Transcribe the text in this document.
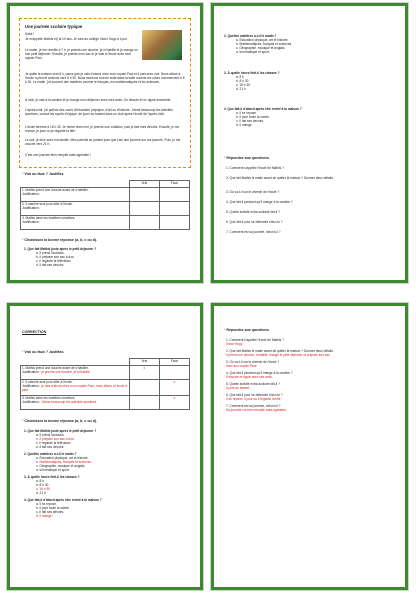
Une journée scolaire typique
Salut !
Je m'appelle Mathis et j'ai 10 ans. Je vais au collège Victor Hugo à Lyon.
Le matin, je me réveille à 7 h, je prends une douche, je m'habille et je mange un bon petit déjeuner. Ensuite, je prends mon sac et je vais à l'école avec mon copain Paul.
Je quitte la maison vers 8 h, parce que je vais d'abord chez mon copain Paul et il part avec moi. Nous allons à l'école à pied et arrivons vers 8 h 30. Nous montons tout de suite dans la salle comme les cours commencent à 8 h 30. Le matin, j'ai souvent des matières comme le français, les mathématiques et les sciences.
À midi, je vais à la cantine et je mange mon déjeuner avec mes amis. On discute et on rigole ensemble.
L'après-midi, j'ai parfois des cours d'éducation physique, d'art ou d'histoire. J'aime beaucoup les activités sportives, surtout les sports d'équipe, de jouer au basket dans un club après l'école de l'après-midi.
L'école termine à 16 h 30. Je rentre chez moi, je prends une collation, puis je fais mes devoirs. Ensuite, je me repose, je joue ou je regarde la télé.
Le soir, je dîne avec ma famille. Mes parents se parlent pour que j'aie une journée sur ma journée. Puis, je me couche vers 21 h.
C'est une journée bien remplie mais agréable !
* Vrai ou faux ? Justifiez.
	Vrai	Faux

1. Mathis prend une douche avant de s'habiller.
Justification :		

2. Il marche seul pour aller à l'école.
Justification :		

3. Mathis aime les matières créatives.
Justification :		

* Choisissez la bonne réponse (a, b, c ou d).
1. Que fait Mathis juste après le petit déjeuner ?
a. Il prend l'autobus.
b. Il prépare son sac à dos.
c. Il regarde la télévision.
d. Il fait ses devoirs.
2. Quelles matières a-t-il le matin ?
a. Éducation physique, art et histoire.
b. Mathématiques, français et sciences.
c. Géographie, musique et anglais.
d. Informatique et sport.
3. À quelle heure finit-il les classes ?
a. 8 h
b. 8 h 30
c. 16 h 30
d. 21 h
4. Que fait-il d'abord après être rentré à la maison ?
a. Il se repose.
b. Il joue toute la soirée.
c. Il fait ses devoirs.
d. Il mange.
* Répondez aux questions.
1. Comment s'appelle l'école de Mathis ?
2. Que fait Mathis le matin avant de quitter la maison ? Donnez deux détails.
3. Où va-t-il sur le chemin de l'école ?
4. Que fait-il pendant qu'il mange à la cantine ?
5. Quelle activité extra-scolaire fait-il ?
6. Que fait-il pour se détendre chez lui ?
7. Comment est sa journée, selon lui ?
CORRECTION
* Vrai ou faux ? Justifiez.
	Vrai	Faux

1. Mathis prend une douche avant de s'habiller.
Justification : je prends une douche, je m'habille	x	

2. Il marche seul pour aller à l'école.
Justification : je vais d'abord chez mon copain Paul, nous allons à l'école à pied		x

3. Mathis aime les matières créatives.
Justification : J'aime beaucoup les activités sportives		x
* Choisissez la bonne réponse (a, b, c ou d).
1. Que fait Mathis juste après le petit déjeuner ?
a. Il prend l'autobus.
b. Il prépare son sac à dos.
c. Il regarde la télévision.
d. Il fait ses devoirs.
2. Quelles matières a-t-il le matin ?
a. Éducation physique, art et histoire.
b. Mathématiques, français et sciences.
c. Géographie, musique et anglais.
d. Informatique et sport.
3. À quelle heure finit-il les classes ?
a. 8 h
b. 8 h 30
c. 16 h 30
d. 21 h
4. Que fait-il d'abord après être rentré à la maison ?
a. Il se repose.
b. Il joue toute la soirée.
c. Il fait ses devoirs.
d. Il mange.
* Répondez aux questions.
1. Comment s'appelle l'école de Mathis ?
Victor Hugo
2. Que fait Mathis le matin avant de quitter la maison ? Donnez deux détails.
Il prend une douche, s'habille, mange le petit déjeuner et prépare son sac.
3. Où va-t-il sur le chemin de l'école ?
chez son copain Paul.
4. Que fait-il pendant qu'il mange à la cantine ?
Il discute et rigole avec ses amis.
5. Quelle activité extra-scolaire fait-il ?
Il joue au basket.
6. Que fait-il pour se détendre chez lui ?
Il se repose, il joue ou il regarde la télé.
7. Comment est sa journée, selon lui ?
Sa journée est bien remplie mais agréable.
